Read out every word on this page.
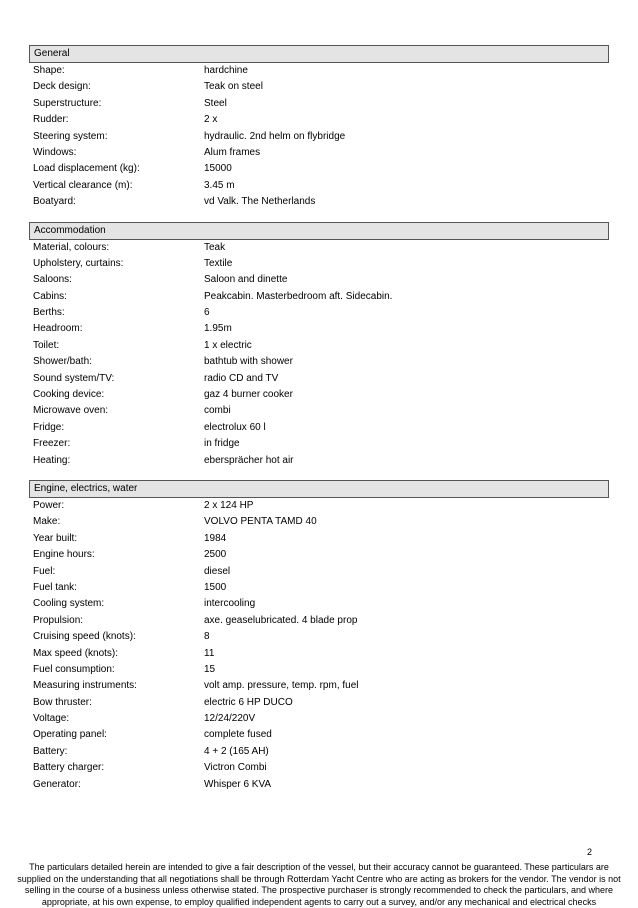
General
Shape:	hardchine
Deck design:	Teak on steel
Superstructure:	Steel
Rudder:	2 x
Steering system:	hydraulic. 2nd helm on flybridge
Windows:	Alum frames
Load displacement (kg):	15000
Vertical clearance (m):	3.45 m
Boatyard:	vd Valk. The Netherlands
Accommodation
Material, colours:	Teak
Upholstery, curtains:	Textile
Saloons:	Saloon and dinette
Cabins:	Peakcabin. Masterbedroom aft. Sidecabin.
Berths:	6
Headroom:	1.95m
Toilet:	1 x electric
Shower/bath:	bathtub with shower
Sound system/TV:	radio CD and TV
Cooking device:	gaz 4 burner cooker
Microwave oven:	combi
Fridge:	electrolux 60 l
Freezer:	in fridge
Heating:	ebersprächer hot air
Engine, electrics, water
Power:	2 x 124 HP
Make:	VOLVO PENTA TAMD 40
Year built:	1984
Engine hours:	2500
Fuel:	diesel
Fuel tank:	1500
Cooling system:	intercooling
Propulsion:	axe. geaselubricated. 4 blade prop
Cruising speed (knots):	8
Max speed (knots):	11
Fuel consumption:	15
Measuring instruments:	volt amp. pressure, temp. rpm, fuel
Bow thruster:	electric 6 HP DUCO
Voltage:	12/24/220V
Operating panel:	complete fused
Battery:	4 + 2 (165 AH)
Battery charger:	Victron Combi
Generator:	Whisper 6 KVA
2
The particulars detailed herein are intended to give a fair description of the vessel, but their accuracy cannot be guaranteed. These particulars are
supplied on the understanding that all negotiations shall be through Rotterdam Yacht Centre who are acting as brokers for the vendor. The vendor is not
selling in the course of a business unless otherwise stated. The prospective purchaser is strongly recommended to check the particulars, and where
appropriate, at his own expense, to employ qualified independent agents to carry out a survey, and/or any mechanical and electrical checks
